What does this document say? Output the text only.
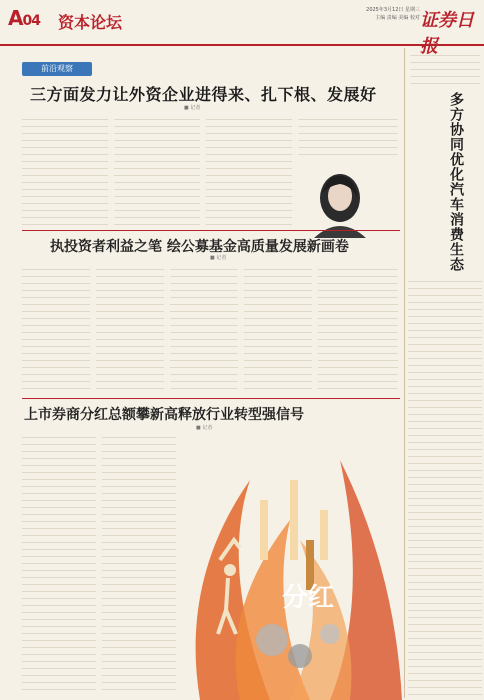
A04 资本论坛
2025年3月12日 星期三
主编 责编 美编 校对 证券日报
前沿观察
三方面发力让外资企业进得来、扎下根、发展好
■ 记者
执投资者利益之笔 绘公募基金高质量发展新画卷
■ 记者
上市券商分红总额攀新高释放行业转型强信号
■ 记者
分红
多方协同优化汽车消费生态
